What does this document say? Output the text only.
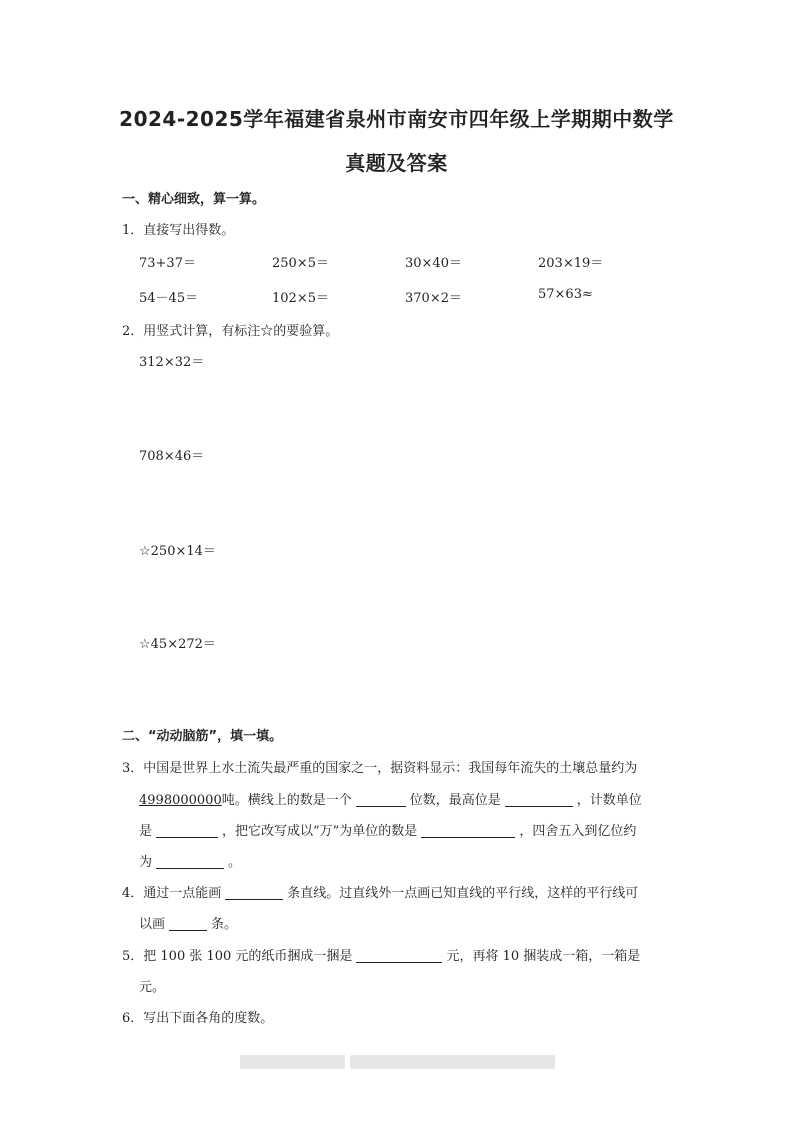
2024-2025学年福建省泉州市南安市四年级上学期期中数学
真题及答案
一、精心细致，算一算。
1．直接写出得数。
73+37＝	250×5＝	30×40＝	203×19＝
54－45＝	102×5＝	370×2＝	57×63≈
2．用竖式计算，有标注☆的要验算。
312×32＝
708×46＝
☆250×14＝
☆45×272＝
二、“动动脑筋”，填一填。
3．中国是世界上水土流失最严重的国家之一，据资料显示：我国每年流失的土壤总量约为
4998000000吨。横线上的数是一个	位数，最高位是	，计数单位
是	，把它改写成以“万”为单位的数是	，四舍五入到亿位约
为	。
4．通过一点能画	条直线。过直线外一点画已知直线的平行线，这样的平行线可
以画	条。
5．把 100 张 100 元的纸币捆成一捆是	元，再将 10 捆装成一箱，一箱是
元。
6．写出下面各角的度数。
